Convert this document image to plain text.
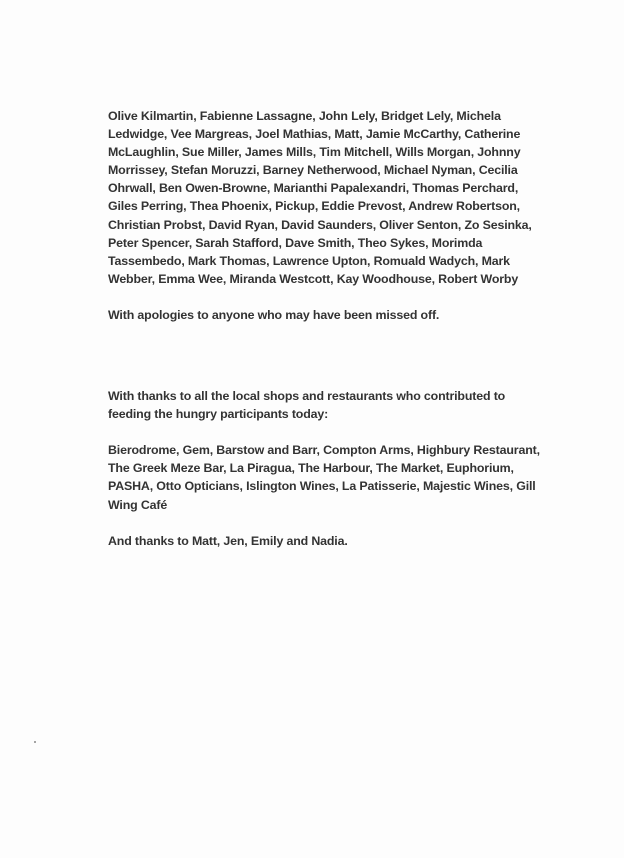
Olive Kilmartin, Fabienne Lassagne, John Lely, Bridget Lely, Michela Ledwidge, Vee Margreas, Joel Mathias, Matt, Jamie McCarthy, Catherine McLaughlin, Sue Miller, James Mills, Tim Mitchell, Wills Morgan, Johnny Morrissey, Stefan Moruzzi, Barney Netherwood, Michael Nyman, Cecilia Ohrwall, Ben Owen-Browne, Marianthi Papalexandri, Thomas Perchard, Giles Perring, Thea Phoenix, Pickup, Eddie Prevost, Andrew Robertson, Christian Probst, David Ryan, David Saunders, Oliver Senton, Zo Sesinka, Peter Spencer, Sarah Stafford, Dave Smith, Theo Sykes, Morimda Tassembedo, Mark Thomas, Lawrence Upton, Romuald Wadych, Mark Webber, Emma Wee, Miranda Westcott, Kay Woodhouse, Robert Worby

With apologies to anyone who may have been missed off.

With thanks to all the local shops and restaurants who contributed to feeding the hungry participants today:

Bierodrome, Gem, Barstow and Barr, Compton Arms, Highbury Restaurant, The Greek Meze Bar, La Piragua, The Harbour, The Market, Euphorium, PASHA, Otto Opticians, Islington Wines, La Patisserie, Majestic Wines, Gill Wing Café

And thanks to Matt, Jen, Emily and Nadia.
